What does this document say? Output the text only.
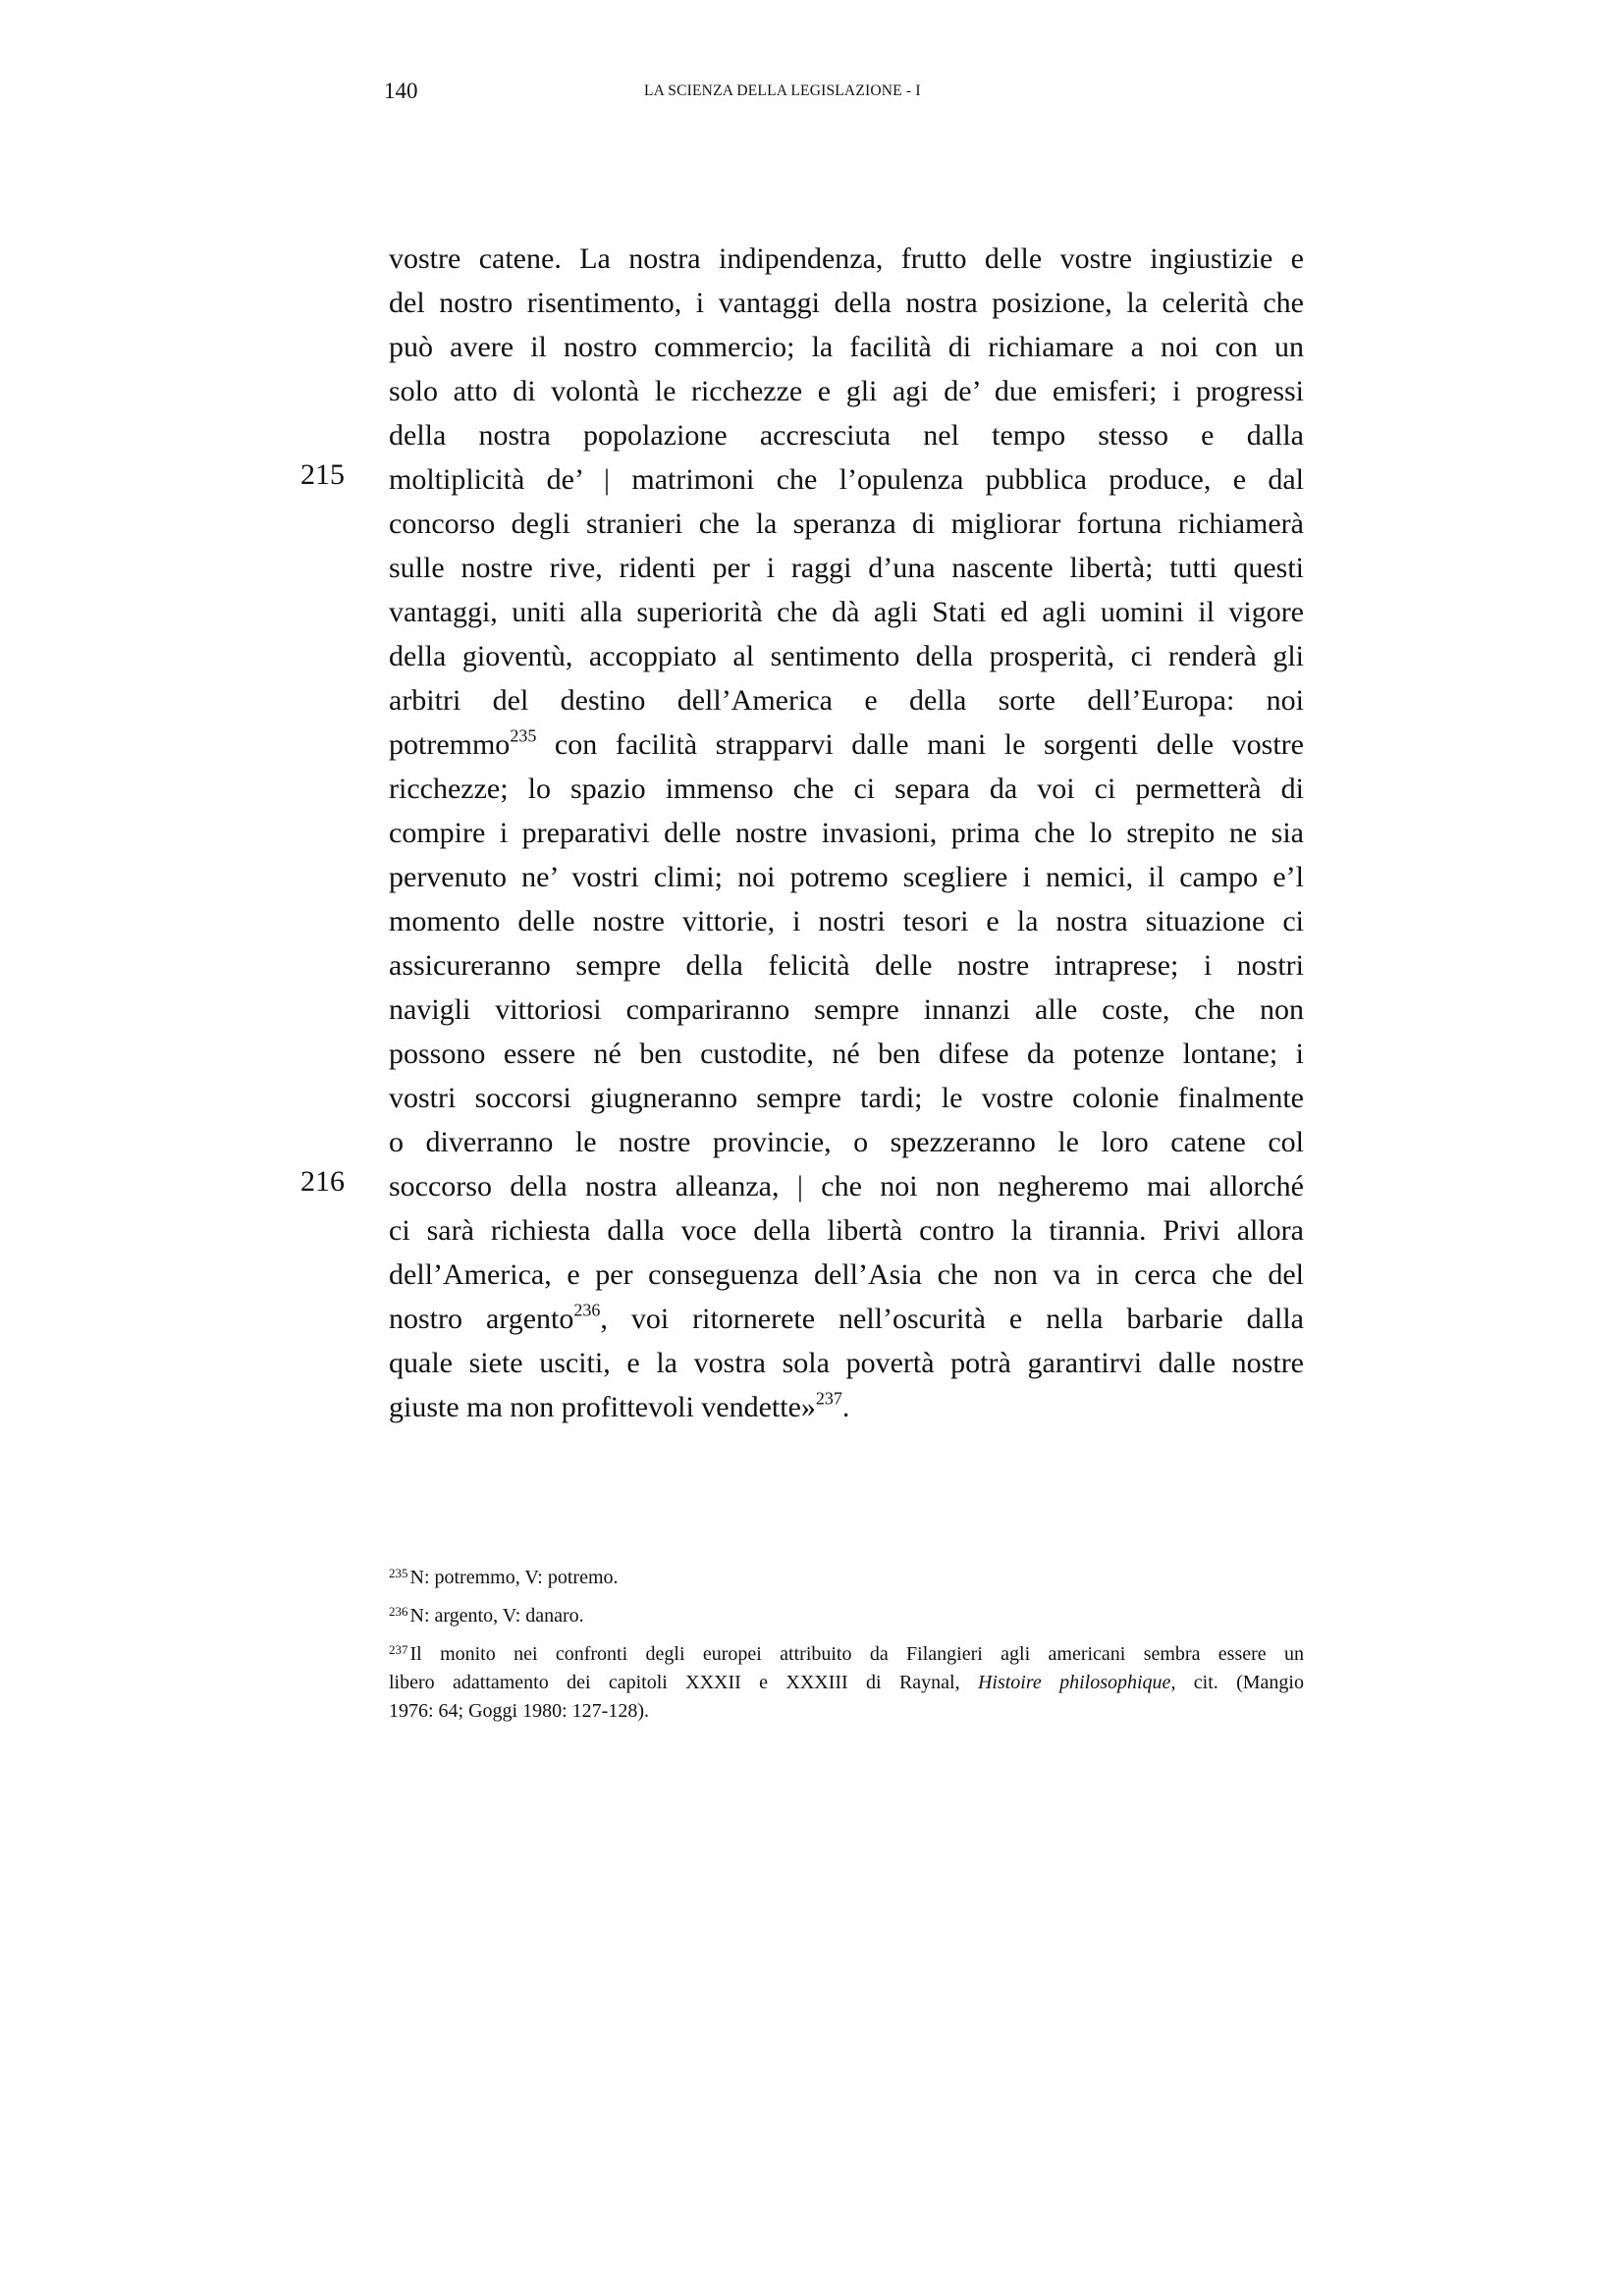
140	LA SCIENZA DELLA LEGISLAZIONE - I
215
216
vostre catene. La nostra indipendenza, frutto delle vostre ingiustizie e
del nostro risentimento, i vantaggi della nostra posizione, la celerità che
può avere il nostro commercio; la facilità di richiamare a noi con un
solo atto di volontà le ricchezze e gli agi de’ due emisferi; i progressi
della nostra popolazione accresciuta nel tempo stesso e dalla
moltiplicità de’ | matrimoni che l’opulenza pubblica produce, e dal
concorso degli stranieri che la speranza di migliorar fortuna richiamerà
sulle nostre rive, ridenti per i raggi d’una nascente libertà; tutti questi
vantaggi, uniti alla superiorità che dà agli Stati ed agli uomini il vigore
della gioventù, accoppiato al sentimento della prosperità, ci renderà gli
arbitri del destino dell’America e della sorte dell’Europa: noi
potremmo$^{235}$ con facilità strapparvi dalle mani le sorgenti delle vostre
ricchezze; lo spazio immenso che ci separa da voi ci permetterà di
compire i preparativi delle nostre invasioni, prima che lo strepito ne sia
pervenuto ne’ vostri climi; noi potremo scegliere i nemici, il campo e’l
momento delle nostre vittorie, i nostri tesori e la nostra situazione ci
assicureranno sempre della felicità delle nostre intraprese; i nostri
navigli vittoriosi compariranno sempre innanzi alle coste, che non
possono essere né ben custodite, né ben difese da potenze lontane; i
vostri soccorsi giugneranno sempre tardi; le vostre colonie finalmente
o diverranno le nostre provincie, o spezzeranno le loro catene col
soccorso della nostra alleanza, | che noi non negheremo mai allorché
ci sarà richiesta dalla voce della libertà contro la tirannia. Privi allora
dell’America, e per conseguenza dell’Asia che non va in cerca che del
nostro argento$^{236}$, voi ritornerete nell’oscurità e nella barbarie dalla
quale siete usciti, e la vostra sola povertà potrà garantirvi dalle nostre
giuste ma non profittevoli vendette»$^{237}$.
$^{235}$ N: potremmo, V: potremo.
$^{236}$ N: argento, V: danaro.
$^{237}$ Il monito nei confronti degli europei attribuito da Filangieri agli americani sembra essere un
libero adattamento dei capitoli XXXII e XXXIII di Raynal, Histoire philosophique, cit. (Mangio
1976: 64; Goggi 1980: 127-128).
